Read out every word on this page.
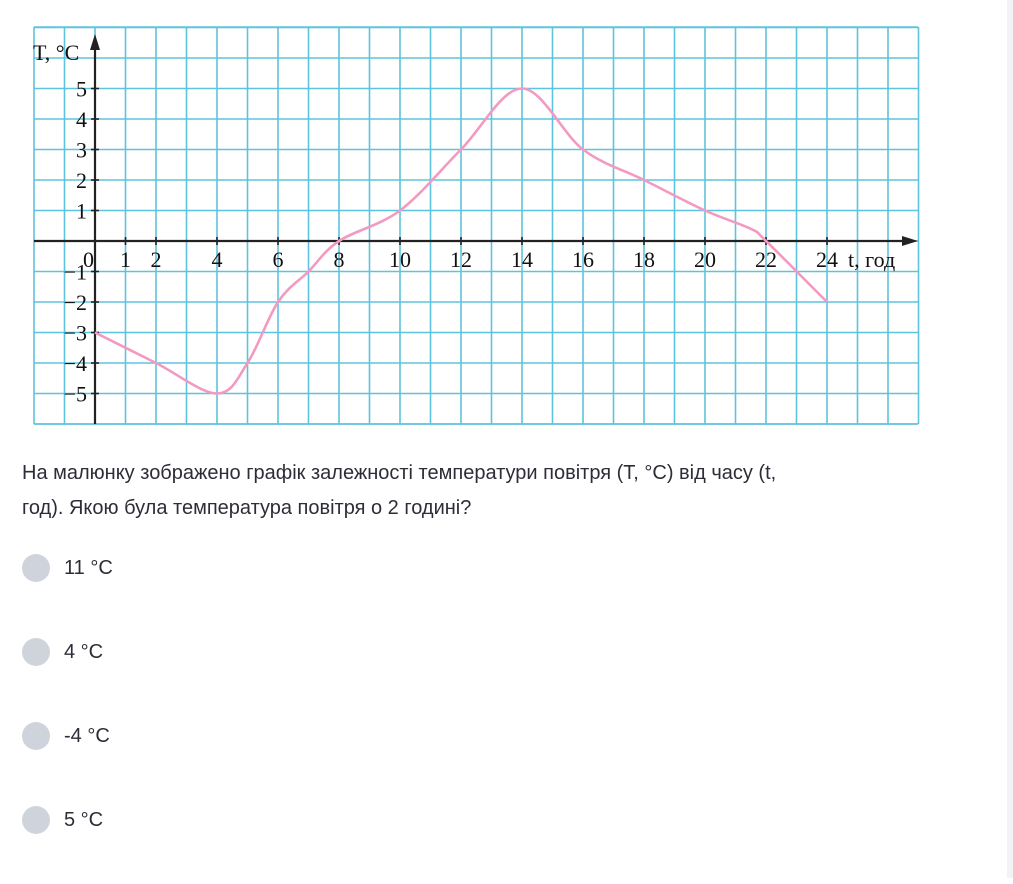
0 1 2 4 6 8 10 12 14 16 18 20 22 24
5
4
3
2
1
−1
−2
−3
−4
−5
T, °C
t, год
На малюнку зображено графік залежності температури повітря (T, °C) від часу (t,
год). Якою була температура повітря о 2 годині?
11 °C
4 °C
-4 °C
5 °C
